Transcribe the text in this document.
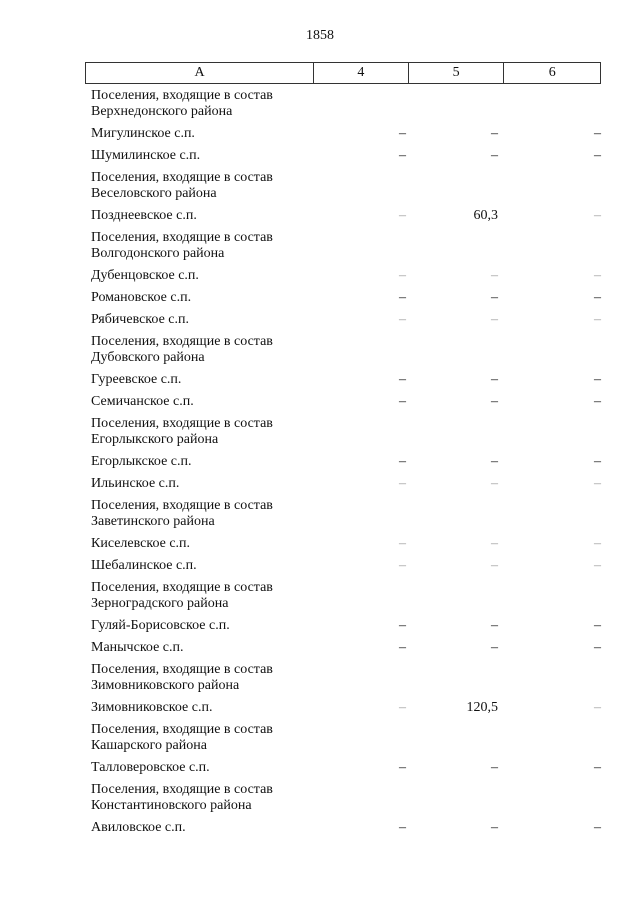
1858
А	4	5	6
Поселения, входящие в состав
Верхнедонского района
Мигулинское с.п.	–	–	–
Шумилинское с.п.	–	–	–
Поселения, входящие в состав
Веселовского района
Позднеевское с.п.	–	60,3	–
Поселения, входящие в состав
Волгодонского района
Дубенцовское с.п.	–	–	–
Романовское с.п.	–	–	–
Рябичевское с.п.	–	–	–
Поселения, входящие в состав
Дубовского района
Гуреевское с.п.	–	–	–
Семичанское с.п.	–	–	–
Поселения, входящие в состав
Егорлыкского района
Егорлыкское с.п.	–	–	–
Ильинское с.п.	–	–	–
Поселения, входящие в состав
Заветинского района
Киселевское с.п.	–	–	–
Шебалинское с.п.	–	–	–
Поселения, входящие в состав
Зерноградского района
Гуляй-Борисовское с.п.	–	–	–
Манычское с.п.	–	–	–
Поселения, входящие в состав
Зимовниковского района
Зимовниковское с.п.	–	120,5	–
Поселения, входящие в состав
Кашарского района
Талловеровское с.п.	–	–	–
Поселения, входящие в состав
Константиновского района
Авиловское с.п.	–	–	–
